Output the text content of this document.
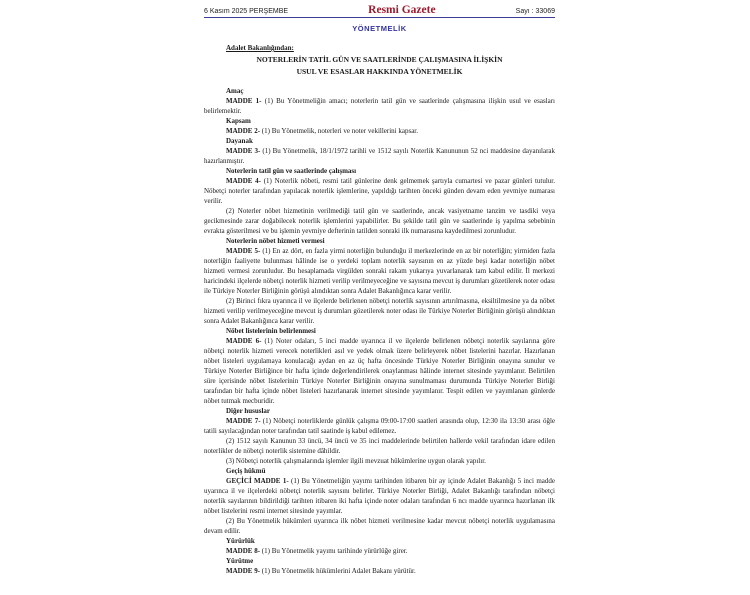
6 Kasım 2025 PERŞEMBE	Resmi Gazete	Sayı : 33069
YÖNETMELİK
Adalet Bakanlığından:
NOTERLERİN TATİL GÜN VE SAATLERİNDE ÇALIŞMASINA İLİŞKİN
USUL VE ESASLAR HAKKINDA YÖNETMELİK

Amaç

MADDE 1- (1) Bu Yönetmeliğin amacı; noterlerin tatil gün ve saatlerinde çalışmasına ilişkin usul ve esasları belirlemektir.

Kapsam

MADDE 2- (1) Bu Yönetmelik, noterleri ve noter vekillerini kapsar.

Dayanak

MADDE 3- (1) Bu Yönetmelik, 18/1/1972 tarihli ve 1512 sayılı Noterlik Kanununun 52 nci maddesine dayanılarak hazırlanmıştır.

Noterlerin tatil gün ve saatlerinde çalışması

MADDE 4- (1) Noterlik nöbeti, resmi tatil günlerine denk gelmemek şartıyla cumartesi ve pazar günleri tutulur. Nöbetçi noterler tarafından yapılacak noterlik işlemlerine, yapıldığı tarihten önceki günden devam eden yevmiye numarası verilir.

(2) Noterler nöbet hizmetinin verilmediği tatil gün ve saatlerinde, ancak vasiyetname tanzim ve tasdiki veya gecikmesinde zarar doğabilecek noterlik işlemlerini yapabilirler. Bu şekilde tatil gün ve saatlerinde iş yapılma sebebinin evrakta gösterilmesi ve bu işlemin yevmiye defterinin tatilden sonraki ilk numarasına kaydedilmesi zorunludur.

Noterlerin nöbet hizmeti vermesi

MADDE 5- (1) En az dört, en fazla yirmi noterliğin bulunduğu il merkezlerinde en az bir noterliğin; yirmiden fazla noterliğin faaliyette bulunması hâlinde ise o yerdeki toplam noterlik sayısının en az yüzde beşi kadar noterliğin nöbet hizmeti vermesi zorunludur. Bu hesaplamada virgülden sonraki rakam yukarıya yuvarlanarak tam kabul edilir. İl merkezi haricindeki ilçelerde nöbetçi noterlik hizmeti verilip verilmeyeceğine ve sayısına mevcut iş durumları gözetilerek noter odası ile Türkiye Noterler Birliğinin görüşü alındıktan sonra Adalet Bakanlığınca karar verilir.

(2) Birinci fıkra uyarınca il ve ilçelerde belirlenen nöbetçi noterlik sayısının artırılmasına, eksiltilmesine ya da nöbet hizmeti verilip verilmeyeceğine mevcut iş durumları gözetilerek noter odası ile Türkiye Noterler Birliğinin görüşü alındıktan sonra Adalet Bakanlığınca karar verilir.

Nöbet listelerinin belirlenmesi

MADDE 6- (1) Noter odaları, 5 inci madde uyarınca il ve ilçelerde belirlenen nöbetçi noterlik sayılarına göre nöbetçi noterlik hizmeti verecek noterlikleri asıl ve yedek olmak üzere belirleyerek nöbet listelerini hazırlar. Hazırlanan nöbet listeleri uygulamaya konulacağı aydan en az üç hafta öncesinde Türkiye Noterler Birliğinin onayına sunulur ve Türkiye Noterler Birliğince bir hafta içinde değerlendirilerek onaylanması hâlinde internet sitesinde yayımlanır. Belirtilen süre içerisinde nöbet listelerinin Türkiye Noterler Birliğinin onayına sunulmaması durumunda Türkiye Noterler Birliği tarafından bir hafta içinde nöbet listeleri hazırlanarak internet sitesinde yayımlanır. Tespit edilen ve yayımlanan günlerde nöbet tutmak mecburidir.

Diğer hususlar

MADDE 7- (1) Nöbetçi noterliklerde günlük çalışma 09:00-17:00 saatleri arasında olup, 12:30 ila 13:30 arası öğle tatili sayılacağından noter tarafından tatil saatinde iş kabul edilemez.

(2) 1512 sayılı Kanunun 33 üncü, 34 üncü ve 35 inci maddelerinde belirtilen hallerde vekil tarafından idare edilen noterlikler de nöbetçi noterlik sistemine dâhildir.

(3) Nöbetçi noterlik çalışmalarında işlemler ilgili mevzuat hükümlerine uygun olarak yapılır.

Geçiş hükmü

GEÇİCİ MADDE 1- (1) Bu Yönetmeliğin yayımı tarihinden itibaren bir ay içinde Adalet Bakanlığı 5 inci madde uyarınca il ve ilçelerdeki nöbetçi noterlik sayısını belirler. Türkiye Noterler Birliği, Adalet Bakanlığı tarafından nöbetçi noterlik sayılarının bildirildiği tarihten itibaren iki hafta içinde noter odaları tarafından 6 ncı madde uyarınca hazırlanan ilk nöbet listelerini resmi internet sitesinde yayımlar.

(2) Bu Yönetmelik hükümleri uyarınca ilk nöbet hizmeti verilmesine kadar mevcut nöbetçi noterlik uygulamasına devam edilir.

Yürürlük

MADDE 8- (1) Bu Yönetmelik yayımı tarihinde yürürlüğe girer.

Yürütme

MADDE 9- (1) Bu Yönetmelik hükümlerini Adalet Bakanı yürütür.
